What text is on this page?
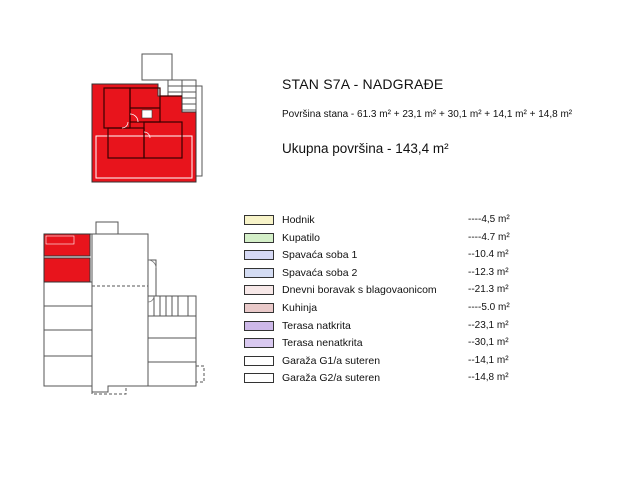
STAN S7A - NADGRAĐE
Površina stana - 61.3 m² + 23,1 m² + 30,1 m² + 14,1 m² + 14,8 m²
Ukupna površina - 143,4 m²
Hodnik	----4,5 m²
Kupatilo	----4.7 m²
Spavaća soba 1	--10.4 m²
Spavaća soba 2	--12.3 m²
Dnevni boravak s blagovaonicom	--21.3 m²
Kuhinja	----5.0 m²
Terasa natkrita	--23,1 m²
Terasa nenatkrita	--30,1 m²
Garaža G1/a suteren	--14,1 m²
Garaža G2/a suteren	--14,8 m²
